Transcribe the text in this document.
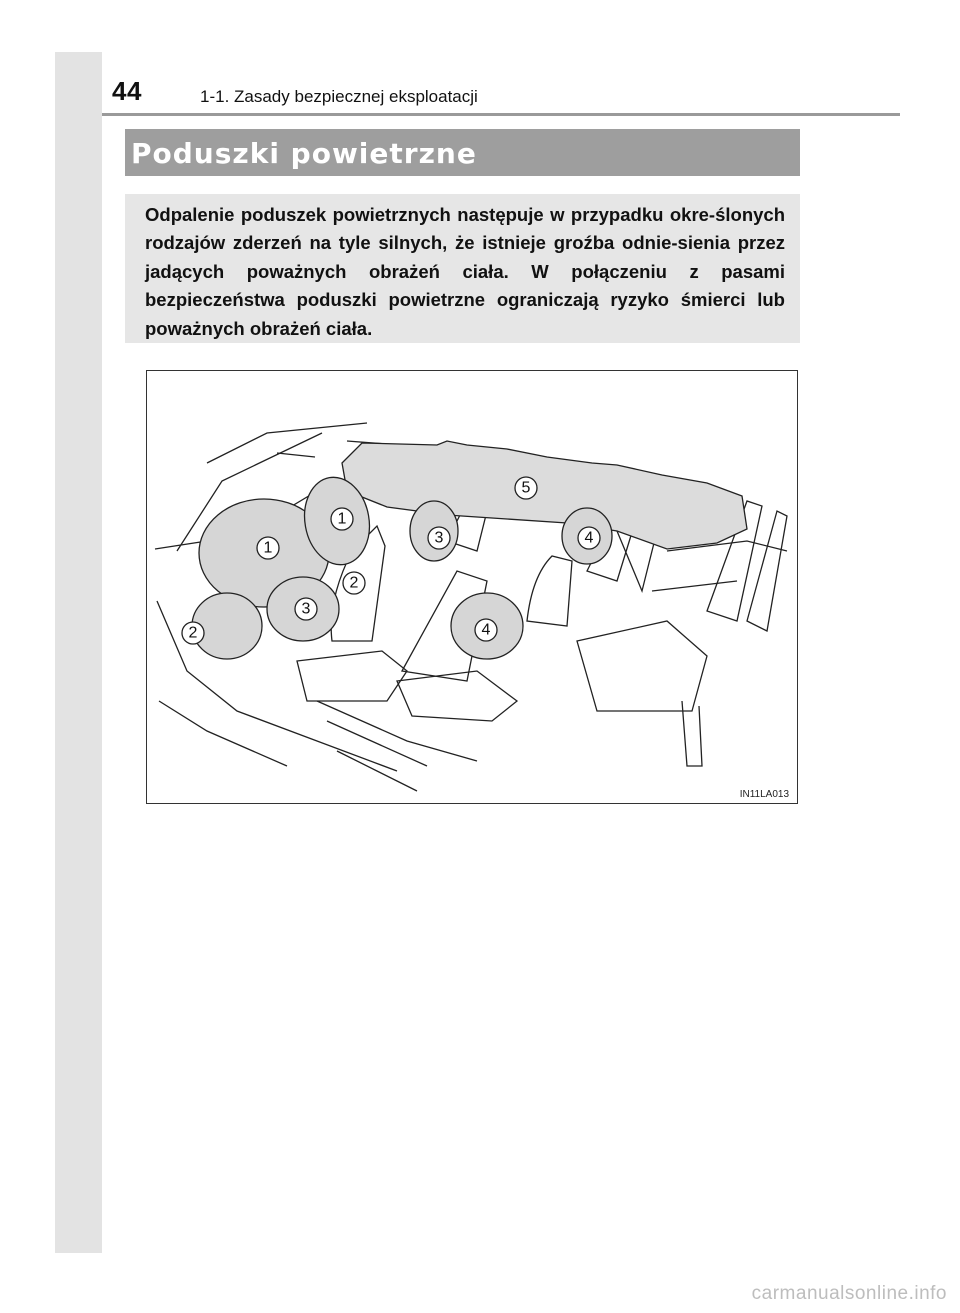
44	1-1. Zasady bezpiecznej eksploatacji
Poduszki powietrzne
Odpalenie poduszek powietrznych następuje w przypadku okre-ślonych rodzajów zderzeń na tyle silnych, że istnieje groźba odnie-sienia przez jadących poważnych obrażeń ciała. W połączeniu z pasami bezpieczeństwa poduszki powietrzne ograniczają ryzyko śmierci lub poważnych obrażeń ciała.
1
1
2
2
3
3
4
4
5
IN11LA013
carmanualsonline.info
